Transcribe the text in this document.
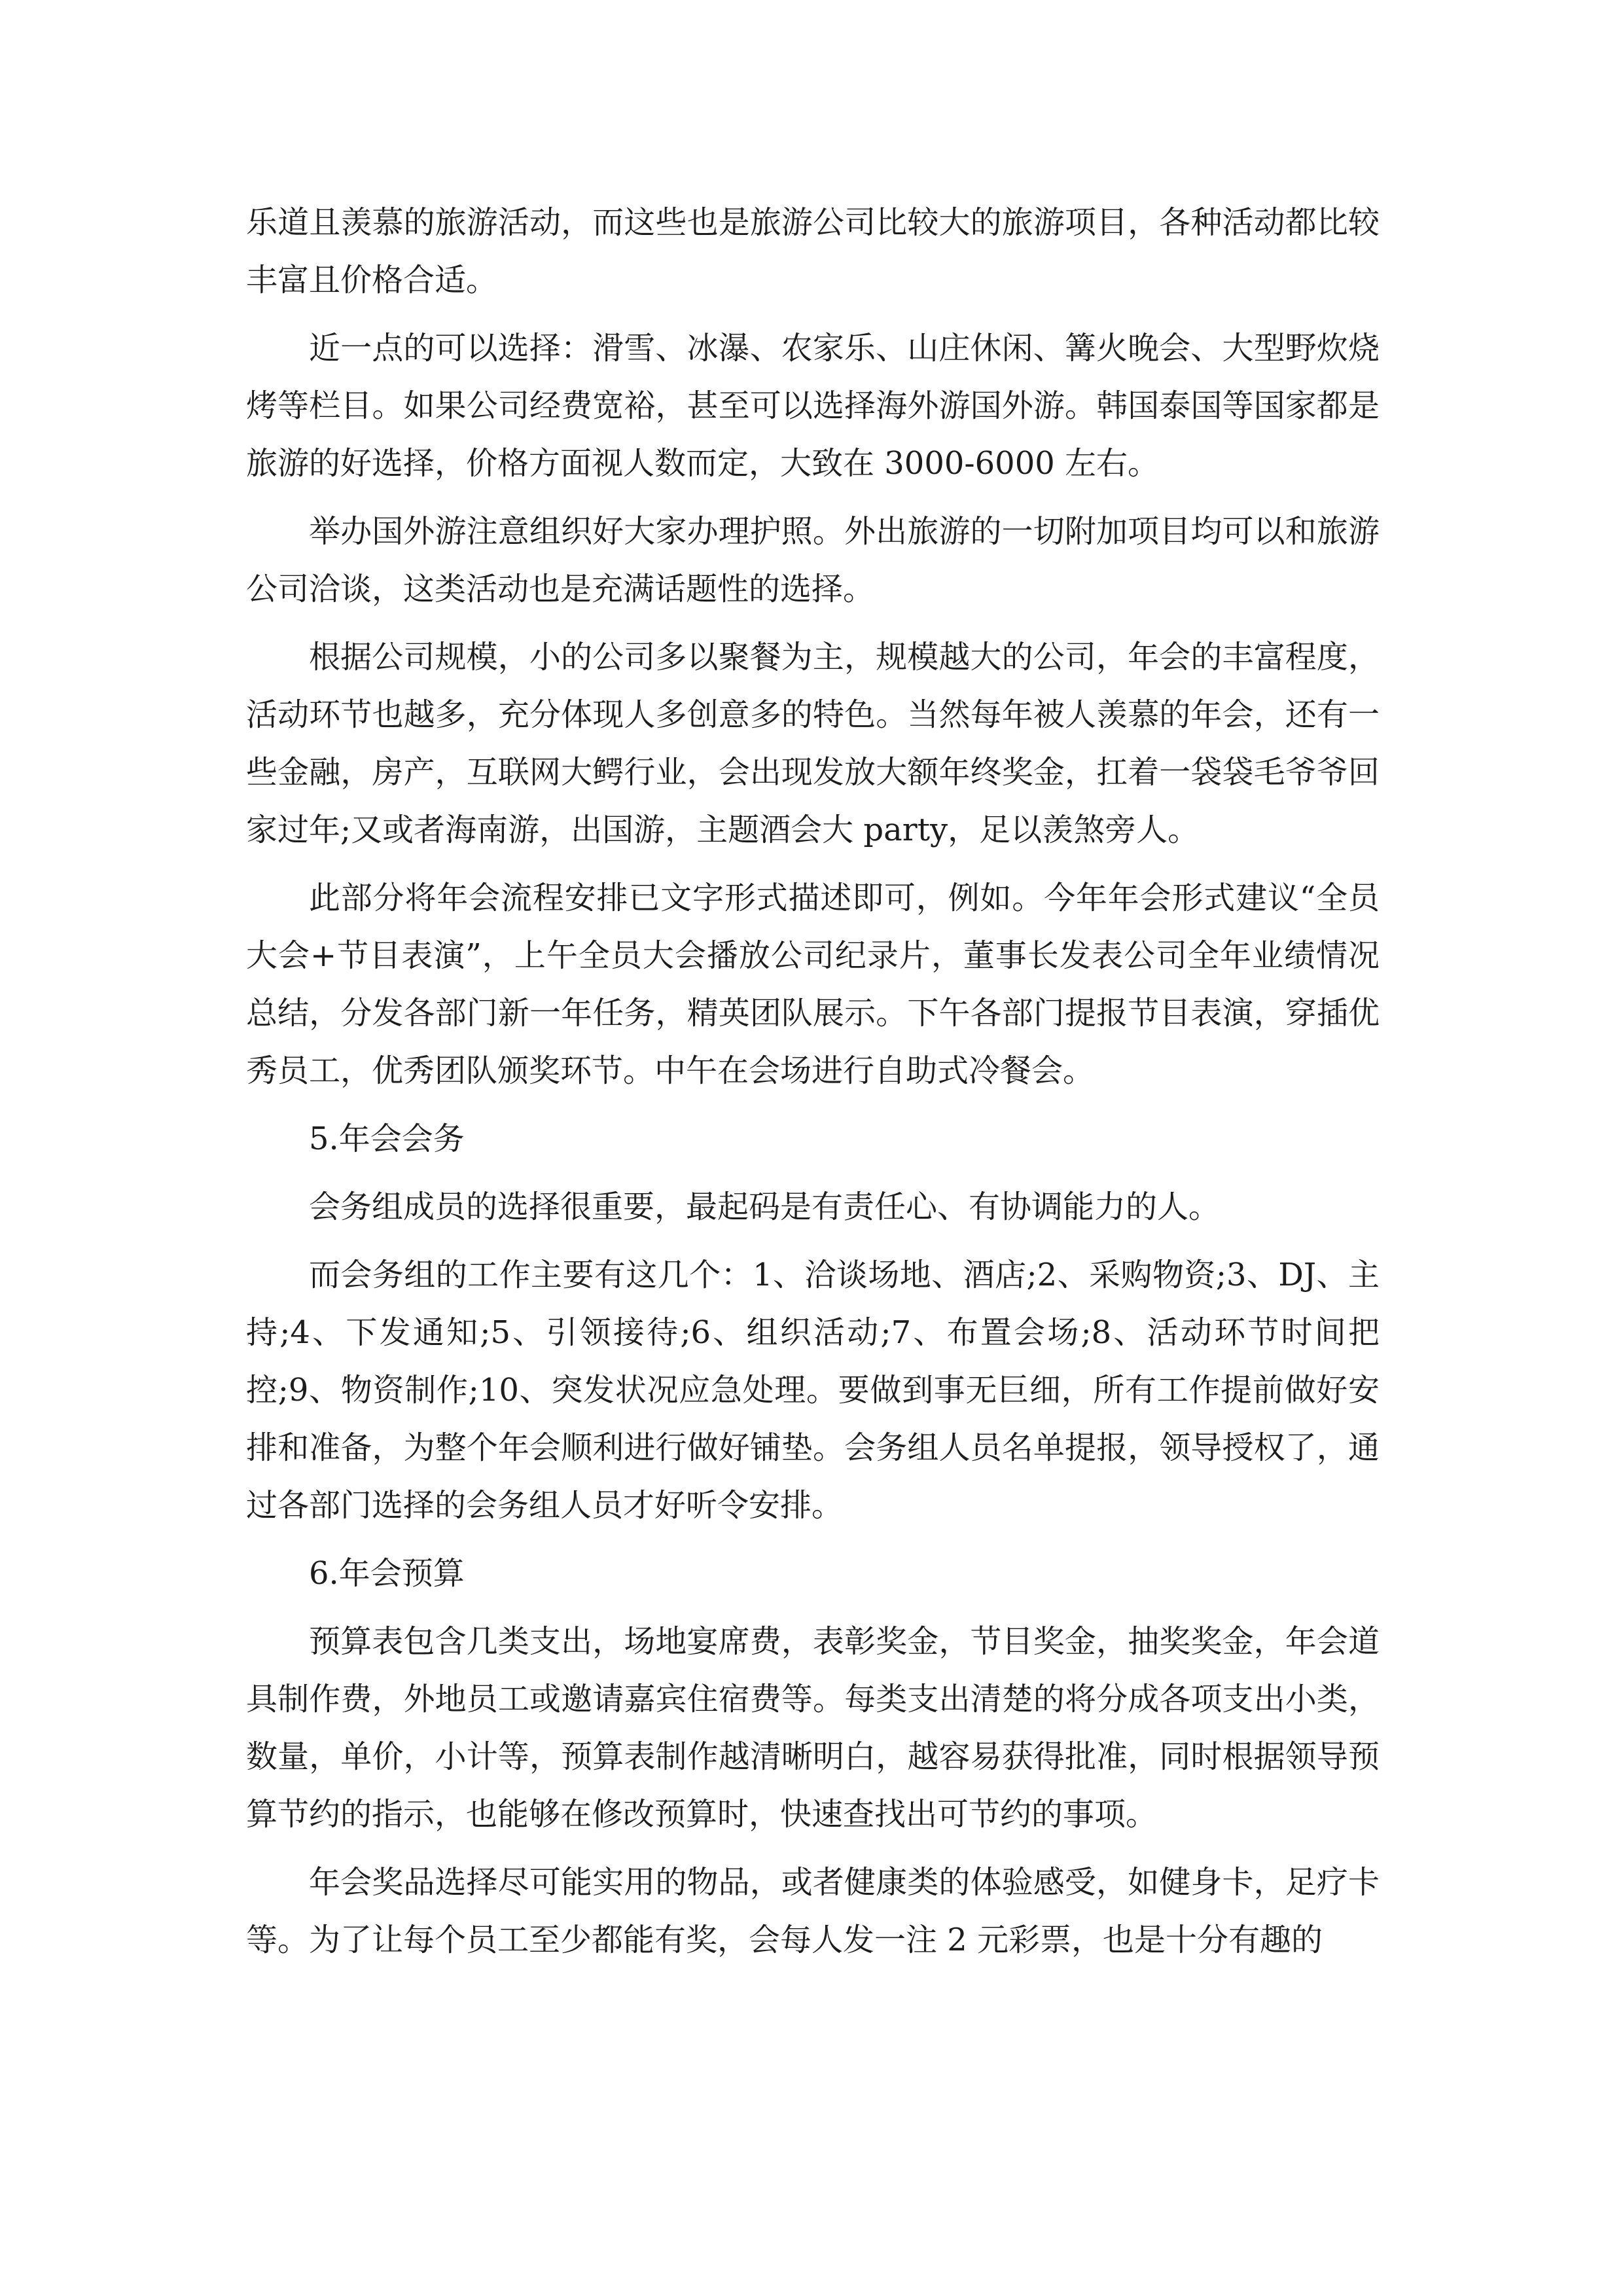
乐道且羡慕的旅游活动，而这些也是旅游公司比较大的旅游项目，各种活动都比较丰富且价格合适。

近一点的可以选择：滑雪、冰瀑、农家乐、山庄休闲、篝火晚会、大型野炊烧烤等栏目。如果公司经费宽裕，甚至可以选择海外游国外游。韩国泰国等国家都是旅游的好选择，价格方面视人数而定，大致在 3000-6000 左右。

举办国外游注意组织好大家办理护照。外出旅游的一切附加项目均可以和旅游公司洽谈，这类活动也是充满话题性的选择。

根据公司规模，小的公司多以聚餐为主，规模越大的公司，年会的丰富程度，活动环节也越多，充分体现人多创意多的特色。当然每年被人羡慕的年会，还有一些金融，房产，互联网大鳄行业，会出现发放大额年终奖金，扛着一袋袋毛爷爷回家过年;又或者海南游，出国游，主题酒会大 party，足以羡煞旁人。

此部分将年会流程安排已文字形式描述即可，例如。今年年会形式建议“全员大会+节目表演”，上午全员大会播放公司纪录片，董事长发表公司全年业绩情况总结，分发各部门新一年任务，精英团队展示。下午各部门提报节目表演，穿插优秀员工，优秀团队颁奖环节。中午在会场进行自助式冷餐会。

5.年会会务

会务组成员的选择很重要，最起码是有责任心、有协调能力的人。

而会务组的工作主要有这几个：1、洽谈场地、酒店;2、采购物资;3、DJ、主持;4、下发通知;5、引领接待;6、组织活动;7、布置会场;8、活动环节时间把控;9、物资制作;10、突发状况应急处理。要做到事无巨细，所有工作提前做好安排和准备，为整个年会顺利进行做好铺垫。会务组人员名单提报，领导授权了，通过各部门选择的会务组人员才好听令安排。

6.年会预算

预算表包含几类支出，场地宴席费，表彰奖金，节目奖金，抽奖奖金，年会道具制作费，外地员工或邀请嘉宾住宿费等。每类支出清楚的将分成各项支出小类，数量，单价，小计等，预算表制作越清晰明白，越容易获得批准，同时根据领导预算节约的指示，也能够在修改预算时，快速查找出可节约的事项。

年会奖品选择尽可能实用的物品，或者健康类的体验感受，如健身卡，足疗卡等。为了让每个员工至少都能有奖，会每人发一注 2 元彩票，也是十分有趣的
